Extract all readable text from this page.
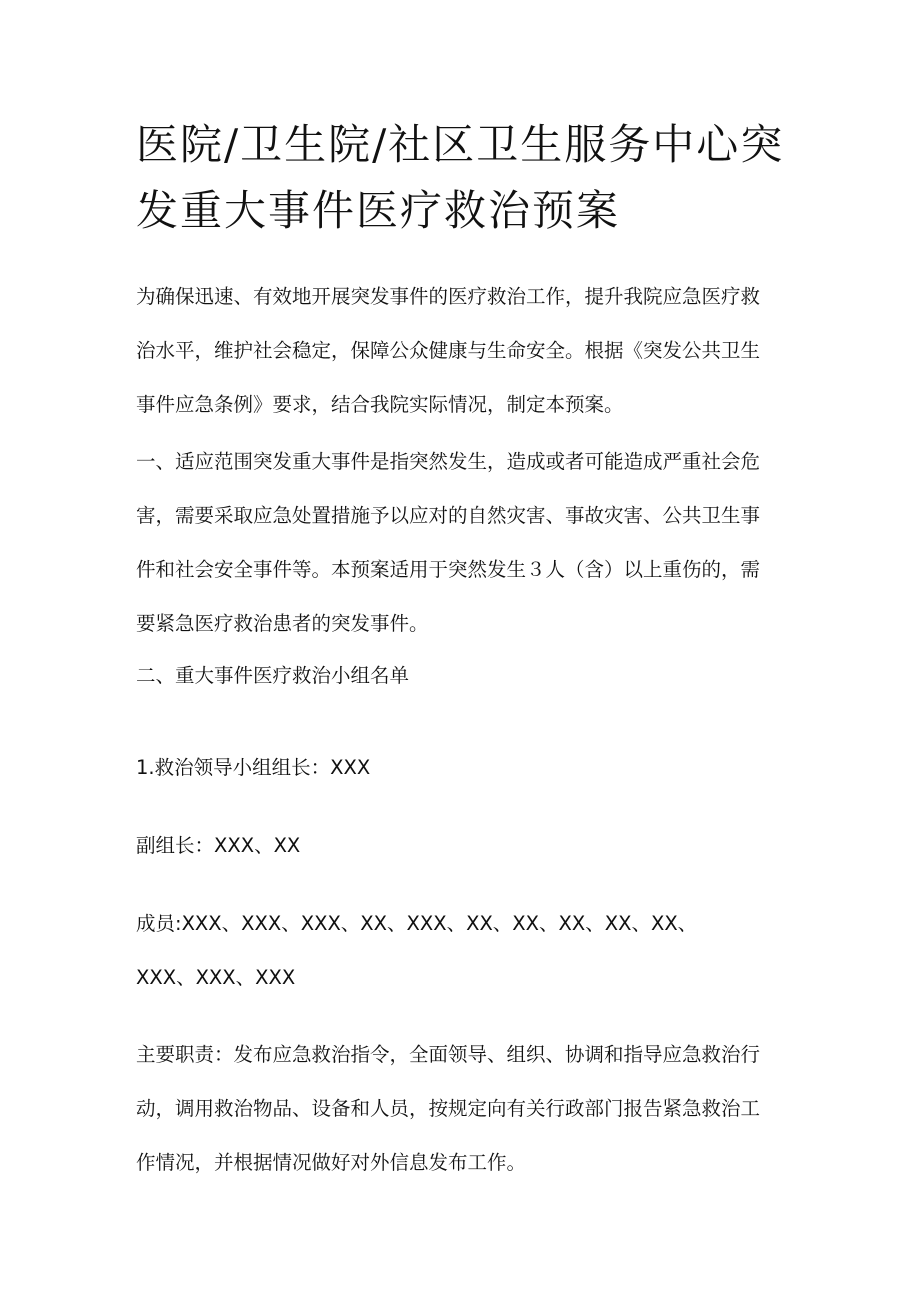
医院/卫生院/社区卫生服务中心突
发重大事件医疗救治预案

为确保迅速、有效地开展突发事件的医疗救治工作，提升我院应急医疗救
治水平，维护社会稳定，保障公众健康与生命安全。根据《突发公共卫生
事件应急条例》要求，结合我院实际情况，制定本预案。

一、适应范围突发重大事件是指突然发生，造成或者可能造成严重社会危
害，需要采取应急处置措施予以应对的自然灾害、事故灾害、公共卫生事
件和社会安全事件等。本预案适用于突然发生３人（含）以上重伤的，需
要紧急医疗救治患者的突发事件。

二、重大事件医疗救治小组名单

1.救治领导小组组长：XXX

副组长：XXX、XX

成员:XXX、XXX、XXX、XX、XXX、XX、XX、XX、XX、XX、
XXX、XXX、XXX

主要职责：发布应急救治指令，全面领导、组织、协调和指导应急救治行
动，调用救治物品、设备和人员，按规定向有关行政部门报告紧急救治工
作情况，并根据情况做好对外信息发布工作。
